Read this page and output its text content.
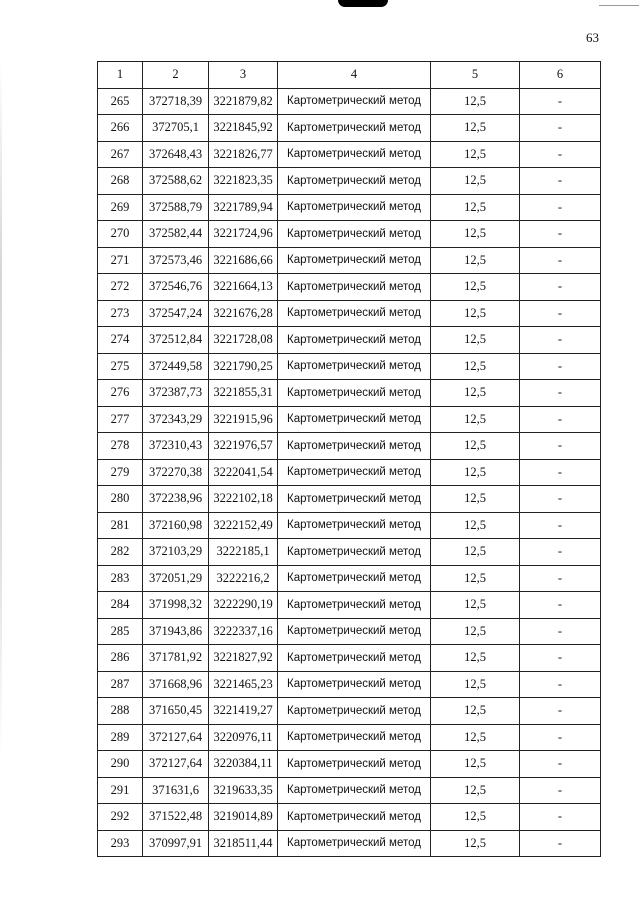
63
1	2	3	4	5	6
265	372718,39	3221879,82	Картометрический метод	12,5	-
266	372705,1	3221845,92	Картометрический метод	12,5	-
267	372648,43	3221826,77	Картометрический метод	12,5	-
268	372588,62	3221823,35	Картометрический метод	12,5	-
269	372588,79	3221789,94	Картометрический метод	12,5	-
270	372582,44	3221724,96	Картометрический метод	12,5	-
271	372573,46	3221686,66	Картометрический метод	12,5	-
272	372546,76	3221664,13	Картометрический метод	12,5	-
273	372547,24	3221676,28	Картометрический метод	12,5	-
274	372512,84	3221728,08	Картометрический метод	12,5	-
275	372449,58	3221790,25	Картометрический метод	12,5	-
276	372387,73	3221855,31	Картометрический метод	12,5	-
277	372343,29	3221915,96	Картометрический метод	12,5	-
278	372310,43	3221976,57	Картометрический метод	12,5	-
279	372270,38	3222041,54	Картометрический метод	12,5	-
280	372238,96	3222102,18	Картометрический метод	12,5	-
281	372160,98	3222152,49	Картометрический метод	12,5	-
282	372103,29	3222185,1	Картометрический метод	12,5	-
283	372051,29	3222216,2	Картометрический метод	12,5	-
284	371998,32	3222290,19	Картометрический метод	12,5	-
285	371943,86	3222337,16	Картометрический метод	12,5	-
286	371781,92	3221827,92	Картометрический метод	12,5	-
287	371668,96	3221465,23	Картометрический метод	12,5	-
288	371650,45	3221419,27	Картометрический метод	12,5	-
289	372127,64	3220976,11	Картометрический метод	12,5	-
290	372127,64	3220384,11	Картометрический метод	12,5	-
291	371631,6	3219633,35	Картометрический метод	12,5	-
292	371522,48	3219014,89	Картометрический метод	12,5	-
293	370997,91	3218511,44	Картометрический метод	12,5	-
